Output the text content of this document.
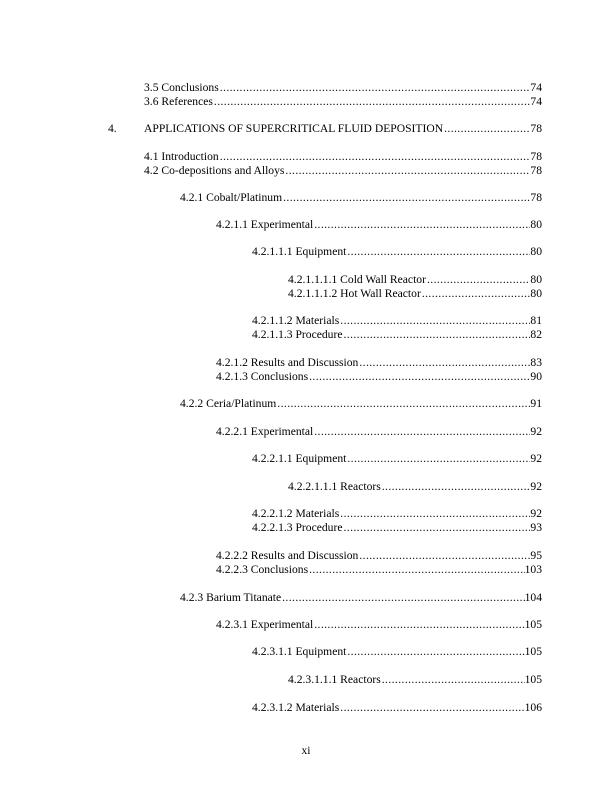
3.5 Conclusions .....	74
3.6 References .....	74
4. APPLICATIONS OF SUPERCRITICAL FLUID DEPOSITION .....	78
4.1 Introduction .....	78
4.2 Co-depositions and Alloys .....	78
4.2.1 Cobalt/Platinum .....	78
4.2.1.1 Experimental .....	80
4.2.1.1.1 Equipment .....	80
4.2.1.1.1.1 Cold Wall Reactor .....	80
4.2.1.1.1.2 Hot Wall Reactor .....	80
4.2.1.1.2 Materials .....	81
4.2.1.1.3 Procedure .....	82
4.2.1.2 Results and Discussion .....	83
4.2.1.3 Conclusions .....	90
4.2.2 Ceria/Platinum .....	91
4.2.2.1 Experimental .....	92
4.2.2.1.1 Equipment .....	92
4.2.2.1.1.1 Reactors .....	92
4.2.2.1.2 Materials .....	92
4.2.2.1.3 Procedure .....	93
4.2.2.2 Results and Discussion .....	95
4.2.2.3 Conclusions .....	103
4.2.3 Barium Titanate .....	104
4.2.3.1 Experimental .....	105
4.2.3.1.1 Equipment .....	105
4.2.3.1.1.1 Reactors .....	105
4.2.3.1.2 Materials .....	106
xi
